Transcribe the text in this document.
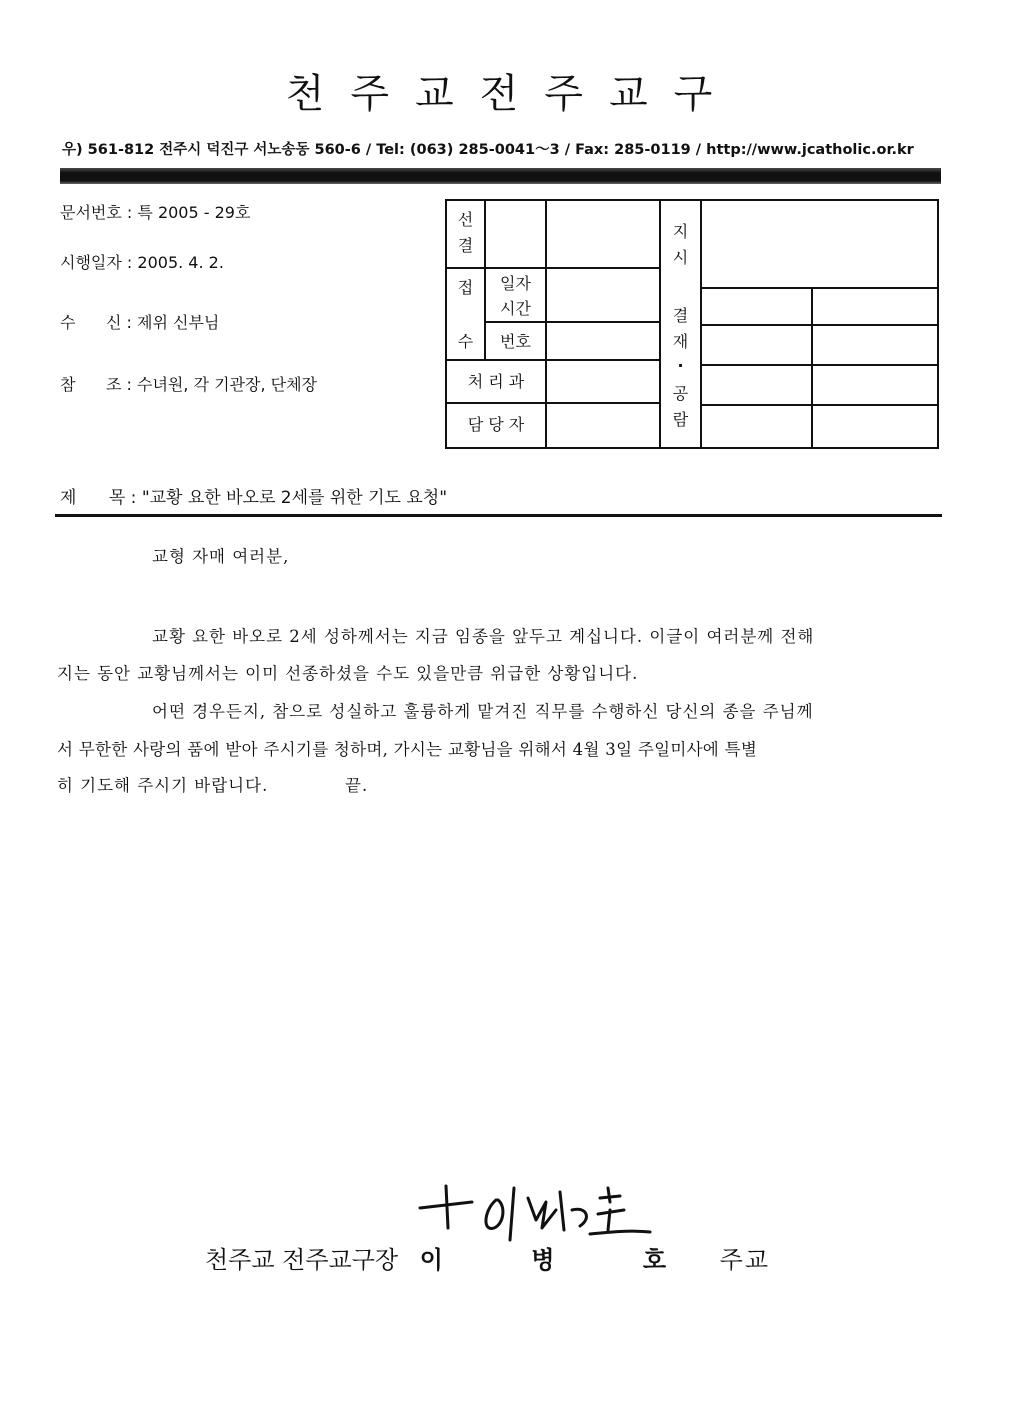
천주교전주교구
우) 561-812 전주시 덕진구 서노송동 560-6 / Tel: (063) 285-0041～3 / Fax: 285-0119 / http://www.jcatholic.or.kr
문서번호 : 특 2005 - 29호
시행일자 : 2005. 4. 2.
수      신 : 제위 신부님
참      조 : 수녀원, 각 기관장, 단체장
선
결
접
수
일자
시간
번호
처 리 과
담 당 자
지
시
결
재
·
공
람
제      목 : "교황 요한 바오로 2세를 위한 기도 요청"
교형 자매 여러분,
교황 요한 바오로 2세 성하께서는 지금 임종을 앞두고 계십니다. 이글이 여러분께 전해
지는 동안 교황님께서는 이미 선종하셨을 수도 있을만큼 위급한 상황입니다.
어떤 경우든지, 참으로 성실하고 훌륭하게 맡겨진 직무를 수행하신 당신의 종을 주님께
서 무한한 사랑의 품에 받아 주시기를 청하며, 가시는 교황님을 위해서 4월 3일 주일미사에 특별
히 기도해 주시기 바랍니다.	끝.
천주교 전주교구장 이 병 호 주교
